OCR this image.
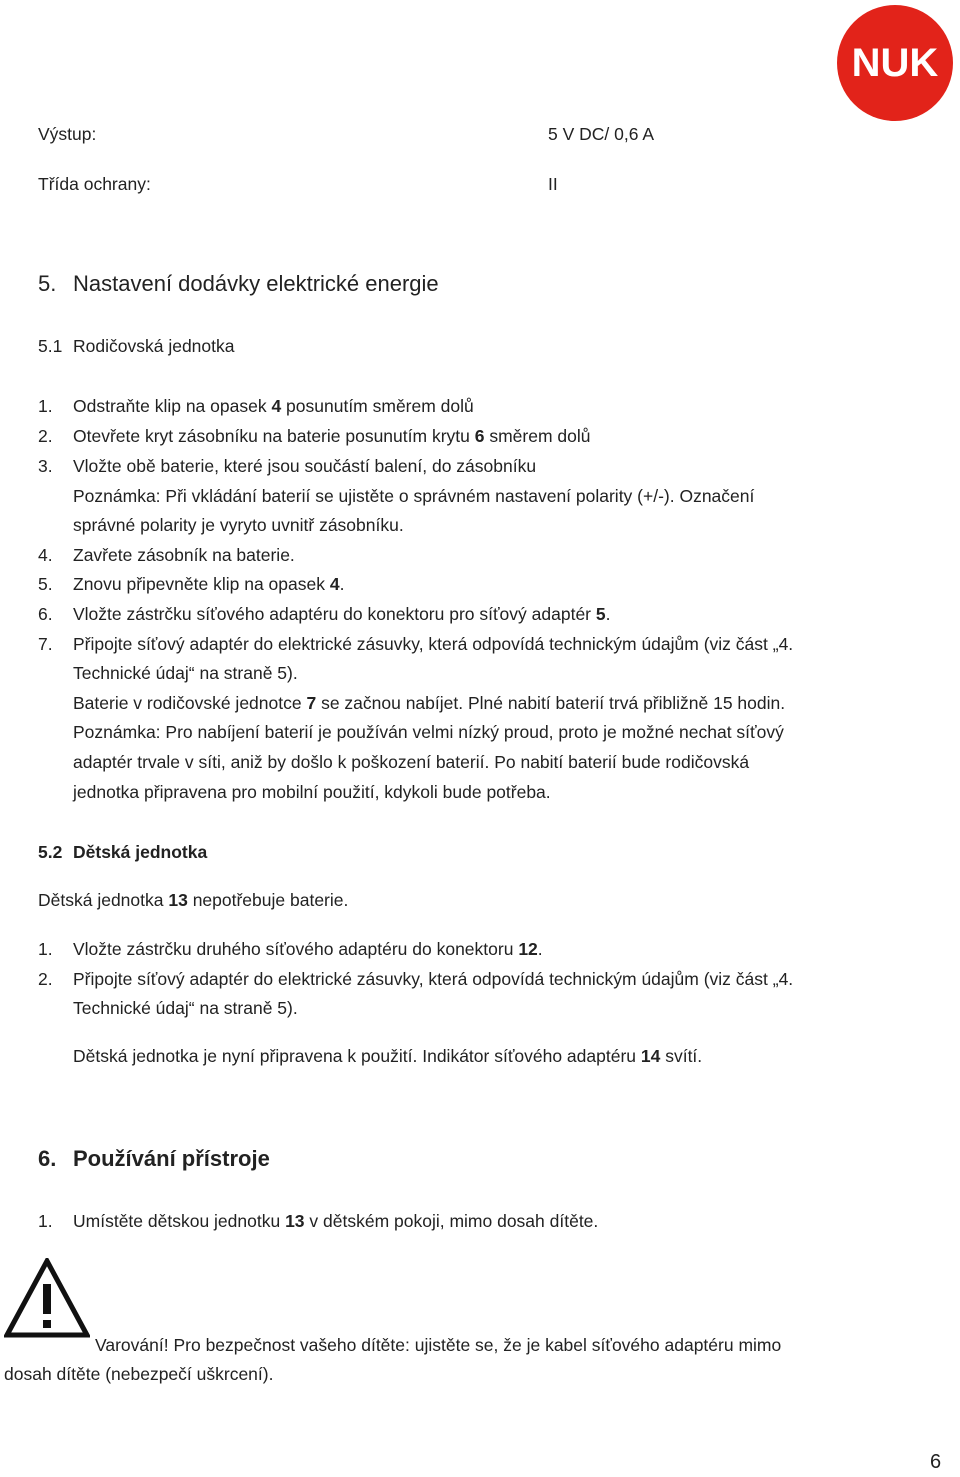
NUK
Výstup:	5 V DC/ 0,6 A
Třída ochrany:	II
5. Nastavení dodávky elektrické energie
5.1 Rodičovská jednotka
1. Odstraňte klip na opasek 4 posunutím směrem dolů
2. Otevřete kryt zásobníku na baterie posunutím krytu 6 směrem dolů
3. Vložte obě baterie, které jsou součástí balení, do zásobníku
Poznámka: Při vkládání baterií se ujistěte o správném nastavení polarity (+/-). Označení
správné polarity je vyryto uvnitř zásobníku.
4. Zavřete zásobník na baterie.
5. Znovu připevněte klip na opasek 4.
6. Vložte zástrčku síťového adaptéru do konektoru pro síťový adaptér 5.
7. Připojte síťový adaptér do elektrické zásuvky, která odpovídá technickým údajům (viz část „4.
Technické údaj“ na straně 5).
Baterie v rodičovské jednotce 7 se začnou nabíjet. Plné nabití baterií trvá přibližně 15 hodin.
Poznámka: Pro nabíjení baterií je používán velmi nízký proud, proto je možné nechat síťový
adaptér trvale v síti, aniž by došlo k poškození baterií. Po nabití baterií bude rodičovská
jednotka připravena pro mobilní použití, kdykoli bude potřeba.
5.2 Dětská jednotka
Dětská jednotka 13 nepotřebuje baterie.
1. Vložte zástrčku druhého síťového adaptéru do konektoru 12.
2. Připojte síťový adaptér do elektrické zásuvky, která odpovídá technickým údajům (viz část „4.
Technické údaj“ na straně 5).
Dětská jednotka je nyní připravena k použití. Indikátor síťového adaptéru 14 svítí.
6. Používání přístroje
1. Umístěte dětskou jednotku 13 v dětském pokoji, mimo dosah dítěte.
Varování! Pro bezpečnost vašeho dítěte: ujistěte se, že je kabel síťového adaptéru mimo
dosah dítěte (nebezpečí uškrcení).
6
